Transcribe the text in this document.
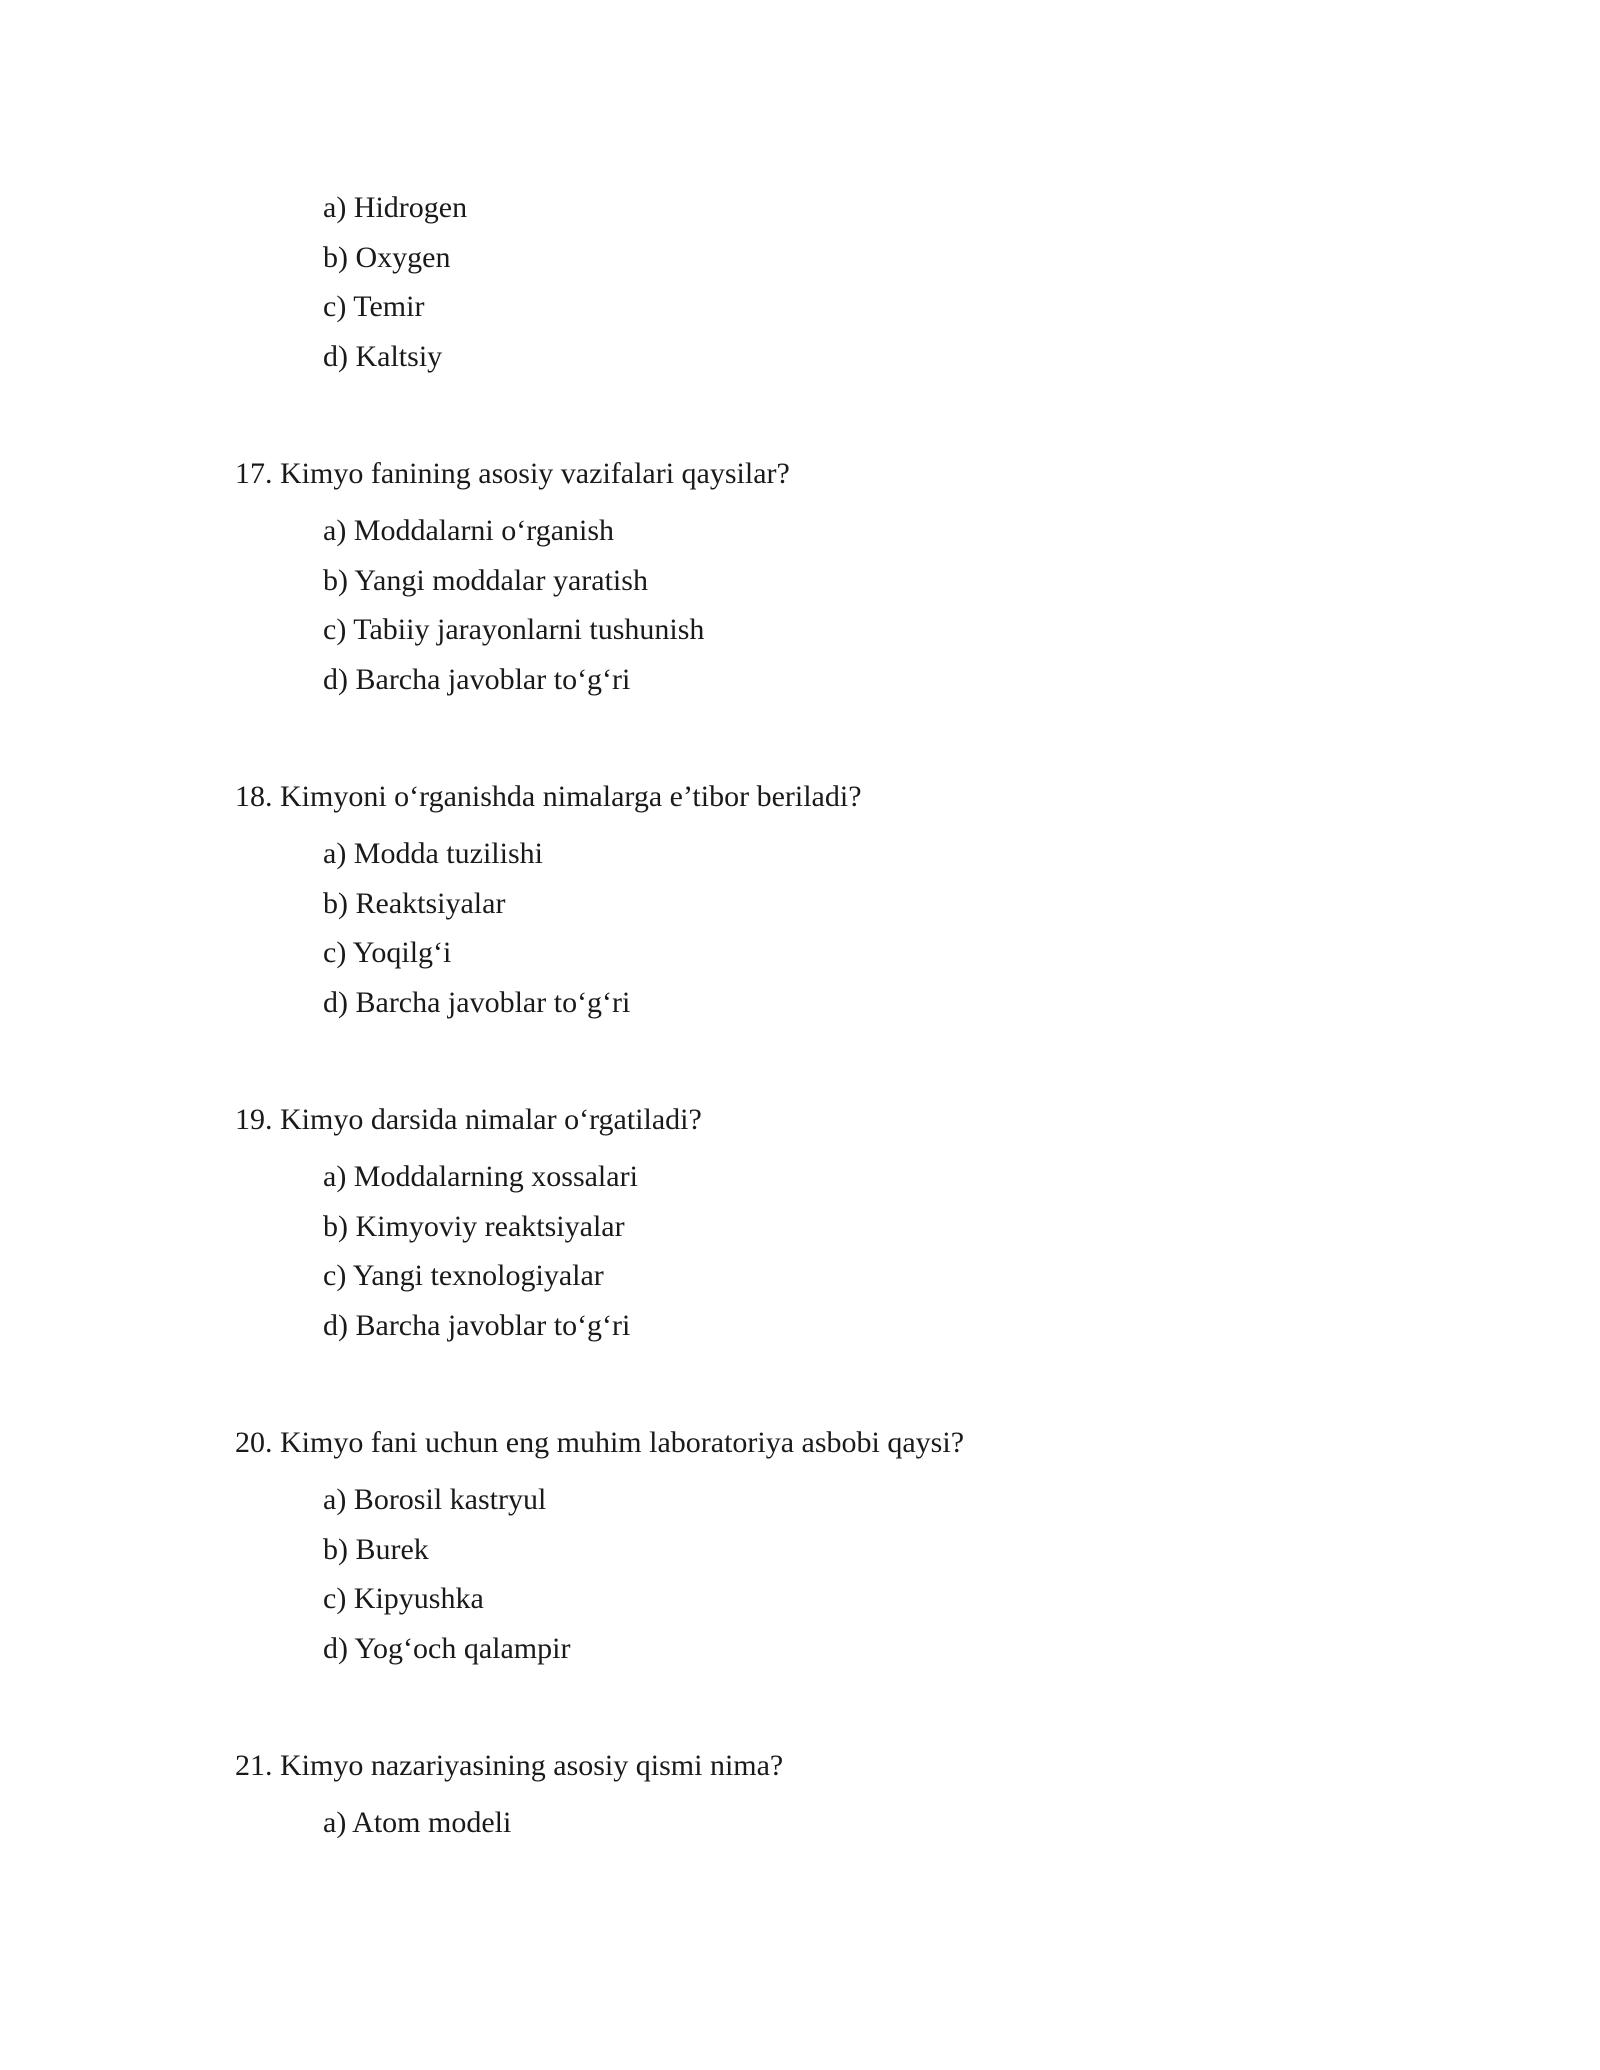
a) Hidrogen
b) Oxygen
c) Temir
d) Kaltsiy
17. Kimyo fanining asosiy vazifalari qaysilar?
a) Moddalarni o‘rganish
b) Yangi moddalar yaratish
c) Tabiiy jarayonlarni tushunish
d) Barcha javoblar to‘g‘ri
18. Kimyoni o‘rganishda nimalarga e’tibor beriladi?
a) Modda tuzilishi
b) Reaktsiyalar
c) Yoqilg‘i
d) Barcha javoblar to‘g‘ri
19. Kimyo darsida nimalar o‘rgatiladi?
a) Moddalarning xossalari
b) Kimyoviy reaktsiyalar
c) Yangi texnologiyalar
d) Barcha javoblar to‘g‘ri
20. Kimyo fani uchun eng muhim laboratoriya asbobi qaysi?
a) Borosil kastryul
b) Burek
c) Kipyushka
d) Yog‘och qalampir
21. Kimyo nazariyasining asosiy qismi nima?
a) Atom modeli
